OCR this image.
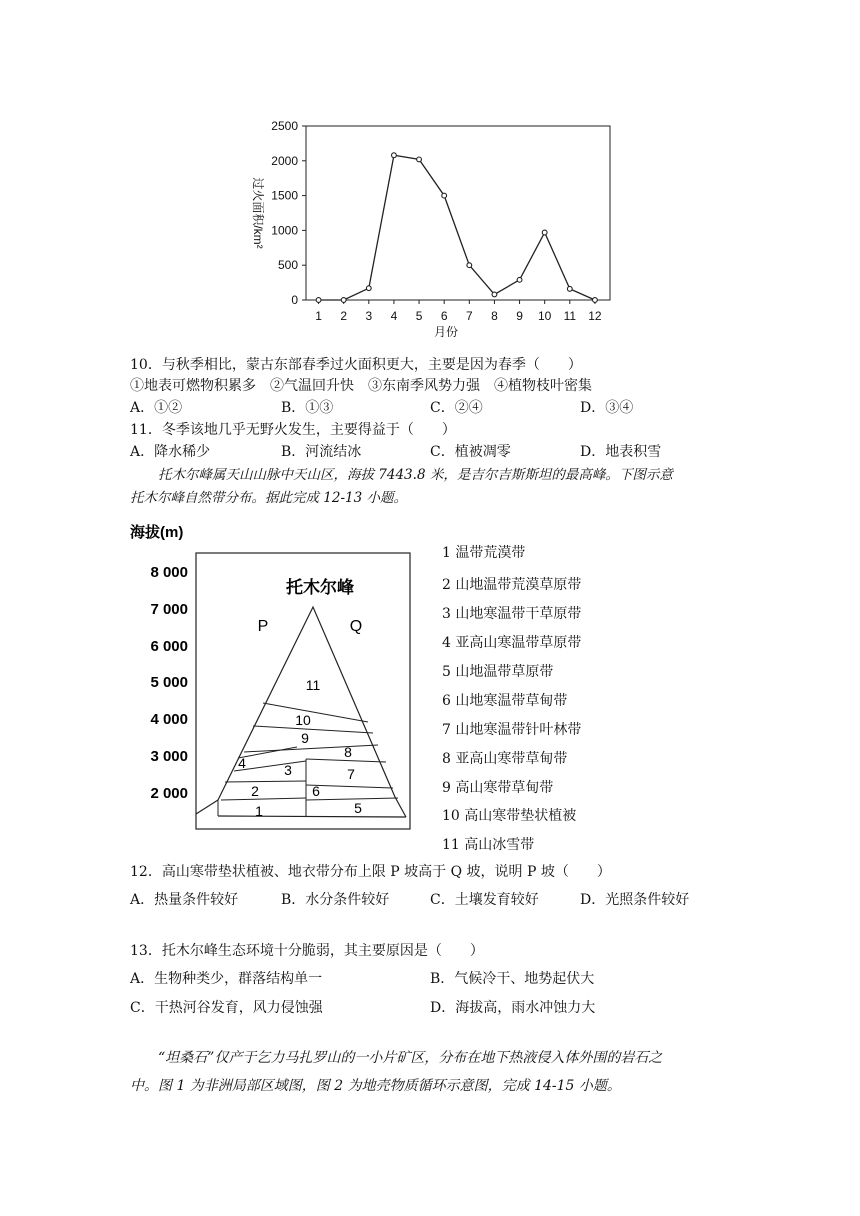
2500
2000
1500
1000
500
0
1 2 3 4 5 6 7 8 9 10 11 12
月份
过火面积/km²
10．与秋季相比，蒙古东部春季过火面积更大，主要是因为春季（　　）
①地表可燃物积累多　②气温回升快　③东南季风势力强　④植物枝叶密集
A．①②	B．①③	C．②④	D．③④
11．冬季该地几乎无野火发生，主要得益于（　　）
A．降水稀少	B．河流结冰	C．植被凋零	D．地表积雪
托木尔峰属天山山脉中天山区，海拔 7443.8 米，是吉尔吉斯斯坦的最高峰。下图示意
托木尔峰自然带分布。据此完成 12-13 小题。
海拔(m)
8 000
7 000
6 000
5 000
4 000
3 000
2 000
托木尔峰
P	Q
1
2
3
4
5
6
7
8
9
10
11
1 温带荒漠带
2 山地温带荒漠草原带
3 山地寒温带干草原带
4 亚高山寒温带草原带
5 山地温带草原带
6 山地寒温带草甸带
7 山地寒温带针叶林带
8 亚高山寒带草甸带
9 高山寒带草甸带
10 高山寒带垫状植被
11 高山冰雪带
12．高山寒带垫状植被、地衣带分布上限 P 坡高于 Q 坡，说明 P 坡（　　）
A．热量条件较好	B．水分条件较好	C．土壤发育较好	D．光照条件较好
13．托木尔峰生态环境十分脆弱，其主要原因是（　　）
A．生物种类少，群落结构单一	B．气候冷干、地势起伏大
C．干热河谷发育，风力侵蚀强	D．海拔高，雨水冲蚀力大
“坦桑石”仅产于乞力马扎罗山的一小片矿区，分布在地下热液侵入体外围的岩石之
中。图 1 为非洲局部区域图，图 2 为地壳物质循环示意图，完成 14-15 小题。
